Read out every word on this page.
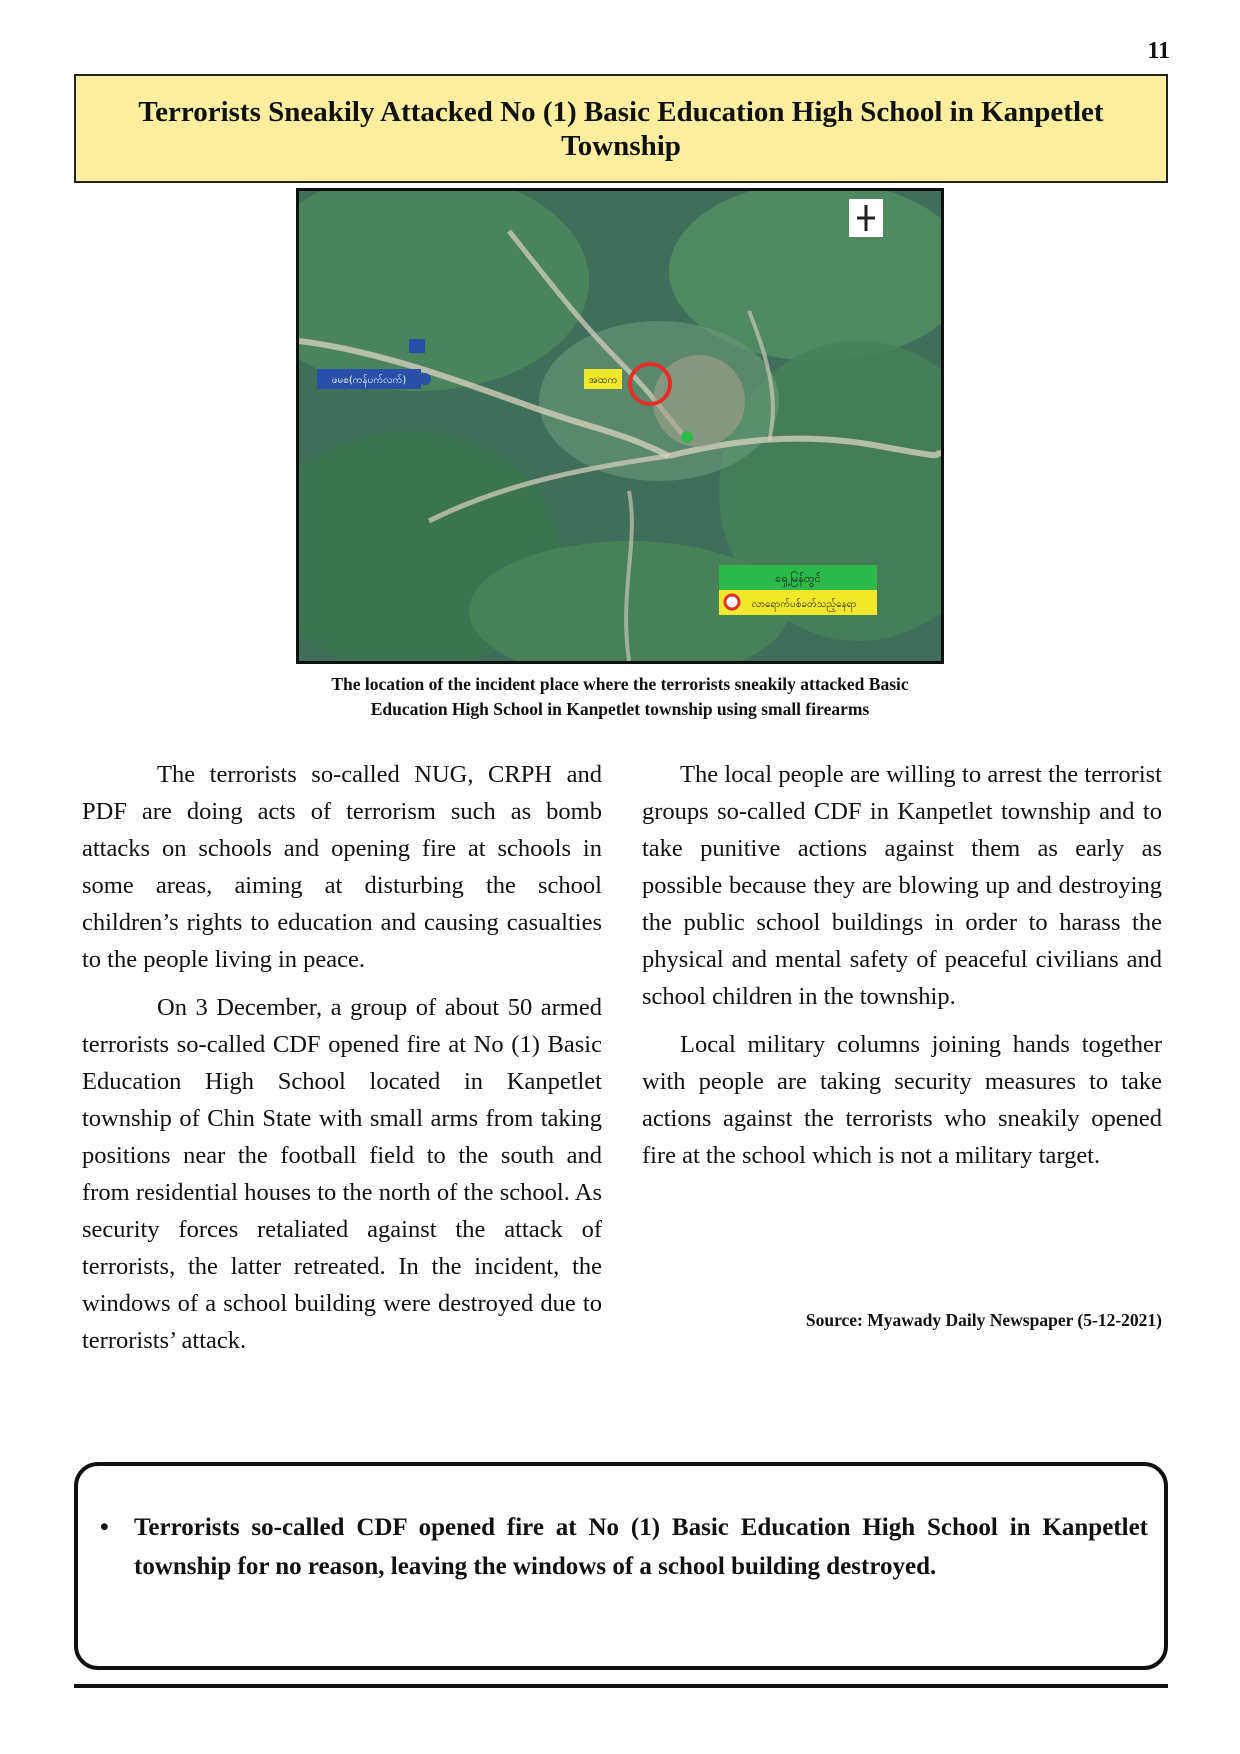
11
Terrorists Sneakily Attacked No (1) Basic Education High School in Kanpetlet Township
ဖမစ(ကန်ပက်လက်)	အထက
ရှေ့မြန်တွင်
လာရောက်ပစ်ခတ်သည့်နေရာ
The location of the incident place where the terrorists sneakily attacked Basic Education High School in Kanpetlet township using small firearms

The terrorists so-called NUG, CRPH and PDF are doing acts of terrorism such as bomb attacks on schools and opening fire at schools in some areas, aiming at disturbing the school children’s rights to education and causing casualties to the people living in peace.

On 3 December, a group of about 50 armed terrorists so-called CDF opened fire at No (1) Basic Education High School located in Kanpetlet township of Chin State with small arms from taking positions near the football field to the south and from residential houses to the north of the school. As security forces retaliated against the attack of terrorists, the latter retreated. In the incident, the windows of a school building were destroyed due to terrorists’ attack.

The local people are willing to arrest the terrorist groups so-called CDF in Kanpetlet township and to take punitive actions against them as early as possible because they are blowing up and destroying the public school buildings in order to harass the physical and mental safety of peaceful civilians and school children in the township.

Local military columns joining hands together with people are taking security measures to take actions against the terrorists who sneakily opened fire at the school which is not a military target.

Source: Myawady Daily Newspaper (5-12-2021)
• Terrorists so-called CDF opened fire at No (1) Basic Education High School in Kanpetlet township for no reason, leaving the windows of a school building destroyed.
